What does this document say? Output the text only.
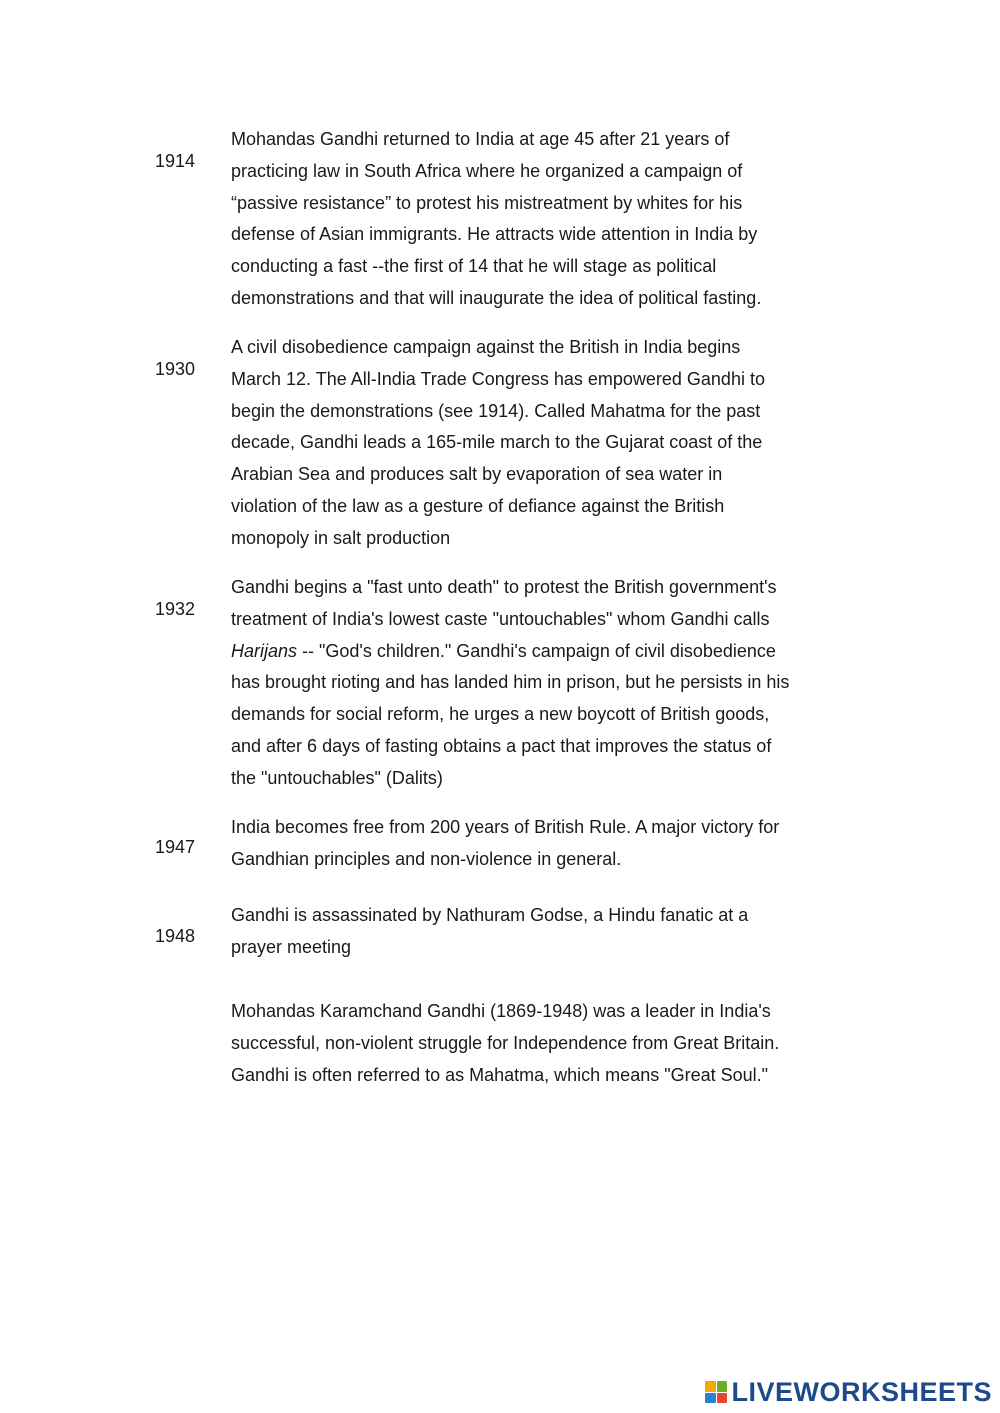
1914
Mohandas Gandhi returned to India at age 45 after 21 years of practicing law in South Africa where he organized a campaign of “passive resistance” to protest his mistreatment by whites for his defense of Asian immigrants. He attracts wide attention in India by conducting a fast --the first of 14 that he will stage as political demonstrations and that will inaugurate the idea of political fasting.
1930
A civil disobedience campaign against the British in India begins March 12. The All-India Trade Congress has empowered Gandhi to begin the demonstrations (see 1914). Called Mahatma for the past decade, Gandhi leads a 165-mile march to the Gujarat coast of the Arabian Sea and produces salt by evaporation of sea water in violation of the law as a gesture of defiance against the British monopoly in salt production
1932
Gandhi begins a "fast unto death" to protest the British government's treatment of India's lowest caste "untouchables" whom Gandhi calls Harijans -- "God's children." Gandhi's campaign of civil disobedience has brought rioting and has landed him in prison, but he persists in his demands for social reform, he urges a new boycott of British goods, and after 6 days of fasting obtains a pact that improves the status of the "untouchables" (Dalits)
1947
India becomes free from 200 years of British Rule. A major victory for Gandhian principles and non-violence in general.
1948
Gandhi is assassinated by Nathuram Godse, a Hindu fanatic at a prayer meeting
Mohandas Karamchand Gandhi (1869-1948) was a leader in India's successful, non-violent struggle for Independence from Great Britain. Gandhi is often referred to as Mahatma, which means "Great Soul."
LIVEWORKSHEETS
